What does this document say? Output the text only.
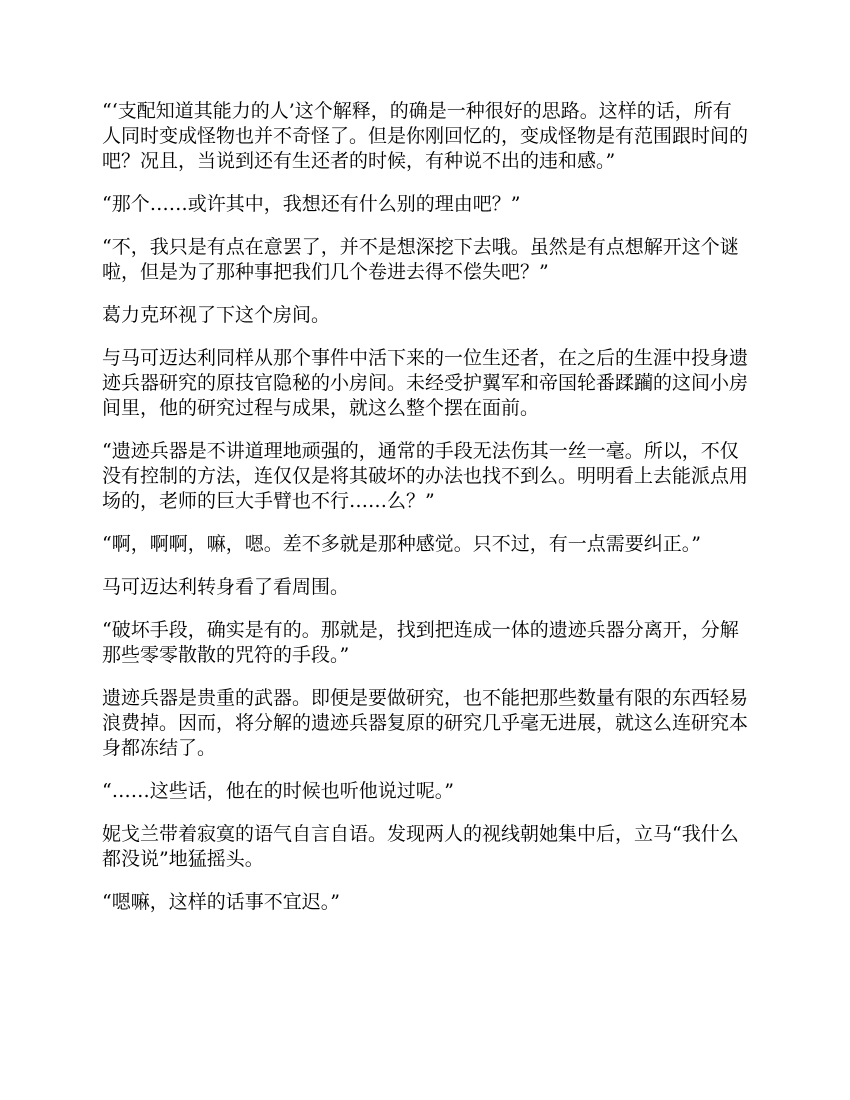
“‘支配知道其能力的人’这个解释，的确是一种很好的思路。这样的话，所有人同时变成怪物也并不奇怪了。但是你刚回忆的，变成怪物是有范围跟时间的吧？况且，当说到还有生还者的时候，有种说不出的违和感。”

“那个……或许其中，我想还有什么别的理由吧？”

“不，我只是有点在意罢了，并不是想深挖下去哦。虽然是有点想解开这个谜啦，但是为了那种事把我们几个卷进去得不偿失吧？”

葛力克环视了下这个房间。

与马可迈达利同样从那个事件中活下来的一位生还者，在之后的生涯中投身遗迹兵器研究的原技官隐秘的小房间。未经受护翼军和帝国轮番蹂躏的这间小房间里，他的研究过程与成果，就这么整个摆在面前。

“遗迹兵器是不讲道理地顽强的，通常的手段无法伤其一丝一毫。所以，不仅没有控制的方法，连仅仅是将其破坏的办法也找不到么。明明看上去能派点用场的，老师的巨大手臂也不行……么？”

“啊，啊啊，嘛，嗯。差不多就是那种感觉。只不过，有一点需要纠正。”

马可迈达利转身看了看周围。

“破坏手段，确实是有的。那就是，找到把连成一体的遗迹兵器分离开，分解那些零零散散的咒符的手段。”

遗迹兵器是贵重的武器。即便是要做研究，也不能把那些数量有限的东西轻易浪费掉。因而，将分解的遗迹兵器复原的研究几乎毫无进展，就这么连研究本身都冻结了。

“……这些话，他在的时候也听他说过呢。”

妮戈兰带着寂寞的语气自言自语。发现两人的视线朝她集中后，立马“我什么都没说”地猛摇头。

“嗯嘛，这样的话事不宜迟。”
